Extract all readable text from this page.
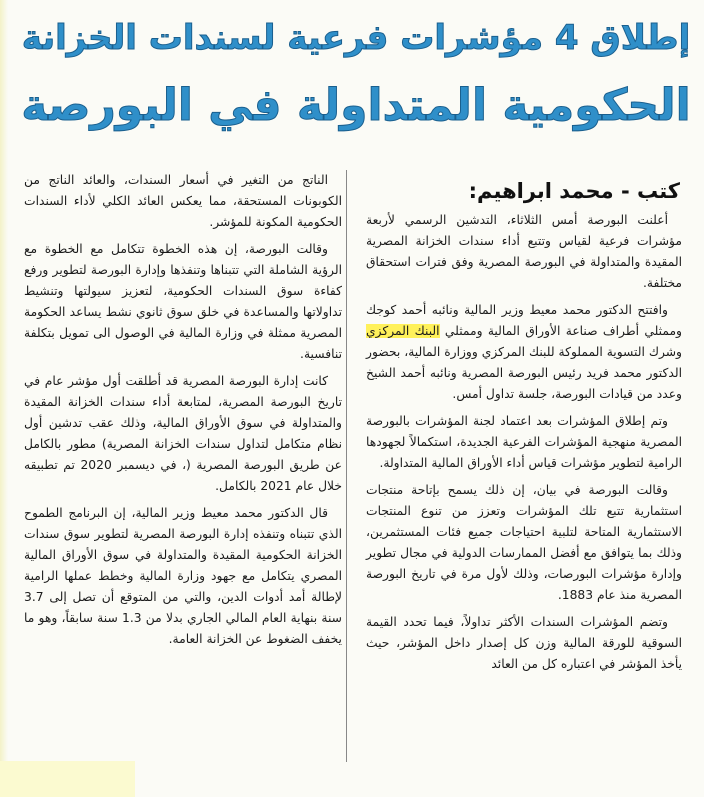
إطلاق 4 مؤشرات فرعية لسندات الخزانة
الحكومية المتداولة في البورصة
كتب - محمد ابراهيم:

أعلنت البورصة أمس الثلاثاء، التدشين الرسمي لأربعة مؤشرات فرعية لقياس وتتبع أداء سندات الخزانة المصرية المقيدة والمتداولة في البورصة المصرية وفق فترات استحقاق مختلفة.

وافتتح الدكتور محمد معيط وزير المالية ونائبه أحمد كوجك وممثلي أطراف صناعة الأوراق المالية وممثلي البنك المركزي وشرك التسوية المملوكة للبنك المركزي ووزارة المالية، بحضور الدكتور محمد فريد رئيس البورصة المصرية ونائبه أحمد الشيخ وعدد من قيادات البورصة، جلسة تداول أمس.

وتم إطلاق المؤشرات بعد اعتماد لجنة المؤشرات بالبورصة المصرية منهجية المؤشرات الفرعية الجديدة، استكمالاً لجهودها الرامية لتطوير مؤشرات قياس أداء الأوراق المالية المتداولة.

وقالت البورصة في بيان، إن ذلك يسمح بإتاحة منتجات استثمارية تتبع تلك المؤشرات وتعزز من تنوع المنتجات الاستثمارية المتاحة لتلبية احتياجات جميع فئات المستثمرين، وذلك بما يتوافق مع أفضل الممارسات الدولية في مجال تطوير وإدارة مؤشرات البورصات، وذلك لأول مرة في تاريخ البورصة المصرية منذ عام 1883.

وتضم المؤشرات السندات الأكثر تداولاً، فيما تحدد القيمة السوقية للورقة المالية وزن كل إصدار داخل المؤشر، حيث يأخذ المؤشر في اعتباره كل من العائد

الناتج من التغير في أسعار السندات، والعائد الناتج من الكوبونات المستحقة، مما يعكس العائد الكلي لأداء السندات الحكومية المكونة للمؤشر.

وقالت البورصة، إن هذه الخطوة تتكامل مع الخطوة مع الرؤية الشاملة التي تتبناها وتنفذها وإدارة البورصة لتطوير ورفع كفاءة سوق السندات الحكومية، لتعزيز سيولتها وتنشيط تداولاتها والمساعدة في خلق سوق ثانوي نشط يساعد الحكومة المصرية ممثلة في وزارة المالية في الوصول الى تمويل بتكلفة تنافسية.

كانت إدارة البورصة المصرية قد أطلقت أول مؤشر عام في تاريخ البورصة المصرية، لمتابعة أداء سندات الخزانة المقيدة والمتداولة في سوق الأوراق المالية، وذلك عقب تدشين أول نظام متكامل لتداول سندات الخزانة المصرية) مطور بالكامل عن طريق البورصة المصرية (، في ديسمبر 2020 تم تطبيقه خلال عام 2021 بالكامل.

قال الدكتور محمد معيط وزير المالية، إن البرنامج الطموح الذي تتبناه وتنفذه إدارة البورصة المصرية لتطوير سوق سندات الخزانة الحكومية المقيدة والمتداولة في سوق الأوراق المالية المصري يتكامل مع جهود وزارة المالية وخطط عملها الرامية لإطالة أمد أدوات الدين، والتي من المتوقع أن تصل إلى 3.7 سنة بنهاية العام المالي الجاري بدلا من 1.3 سنة سابقاً، وهو ما يخفف الضغوط عن الخزانة العامة.
